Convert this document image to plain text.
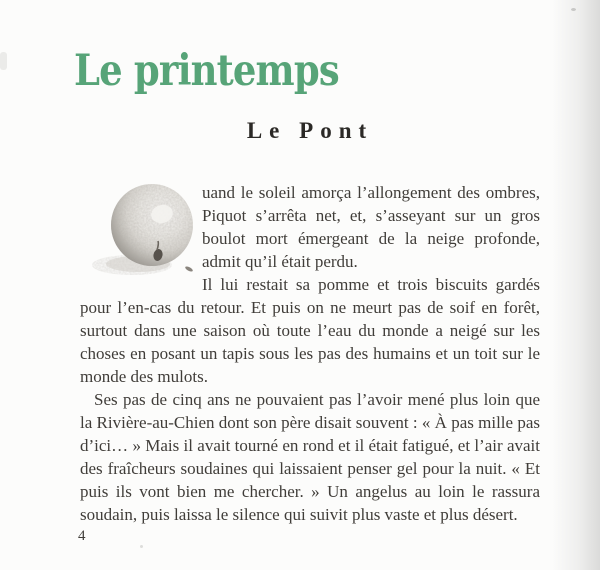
Le printemps
Le Pont

uand le soleil amorça l’allongement des ombres, Piquot s’arrêta net, et, s’asseyant sur un gros boulot mort émergeant de la neige profonde, admit qu’il était perdu.

Il lui restait sa pomme et trois biscuits gardés pour l’en-cas du retour. Et puis on ne meurt pas de soif en forêt, surtout dans une saison où toute l’eau du monde a neigé sur les choses en posant un tapis sous les pas des humains et un toit sur le monde des mulots.

Ses pas de cinq ans ne pouvaient pas l’avoir mené plus loin que la Rivière-au-Chien dont son père disait souvent : « À pas mille pas d’ici… » Mais il avait tourné en rond et il était fatigué, et l’air avait des fraîcheurs soudaines qui laissaient penser gel pour la nuit. « Et puis ils vont bien me chercher. » Un angelus au loin le rassura soudain, puis laissa le silence qui suivit plus vaste et plus désert.

4
